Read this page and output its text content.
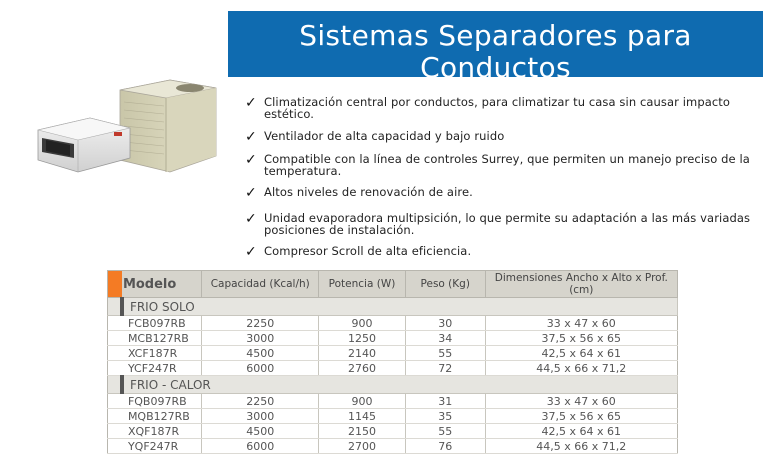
Sistemas Separadores para Conductos
Unidad Evaporadora y unidad Condensadora.
✓ Climatización central por conductos, para climatizar tu casa sin causar impacto estético.
✓ Ventilador de alta capacidad y bajo ruido
✓ Compatible con la línea de controles Surrey, que permiten un manejo preciso de la temperatura.
✓ Altos niveles de renovación de aire.
✓ Unidad evaporadora multipsición, lo que permite su adaptación a las más variadas posiciones de instalación.
✓ Compresor Scroll de alta eficiencia.
	Modelo	Capacidad (Kcal/h)	Potencia (W)	Peso (Kg)	Dimensiones Ancho x Alto x Prof. (cm)
	FRIO SOLO				
	FCB097RB	2250	900	30	33 x 47 x 60
	MCB127RB	3000	1250	34	37,5 x 56 x 65
	XCF187R	4500	2140	55	42,5 x 64 x 61
	YCF247R	6000	2760	72	44,5 x 66 x 71,2
	FRIO - CALOR				
	FQB097RB	2250	900	31	33 x 47 x 60
	MQB127RB	3000	1145	35	37,5 x 56 x 65
	XQF187R	4500	2150	55	42,5 x 64 x 61
	YQF247R	6000	2700	76	44,5 x 66 x 71,2
